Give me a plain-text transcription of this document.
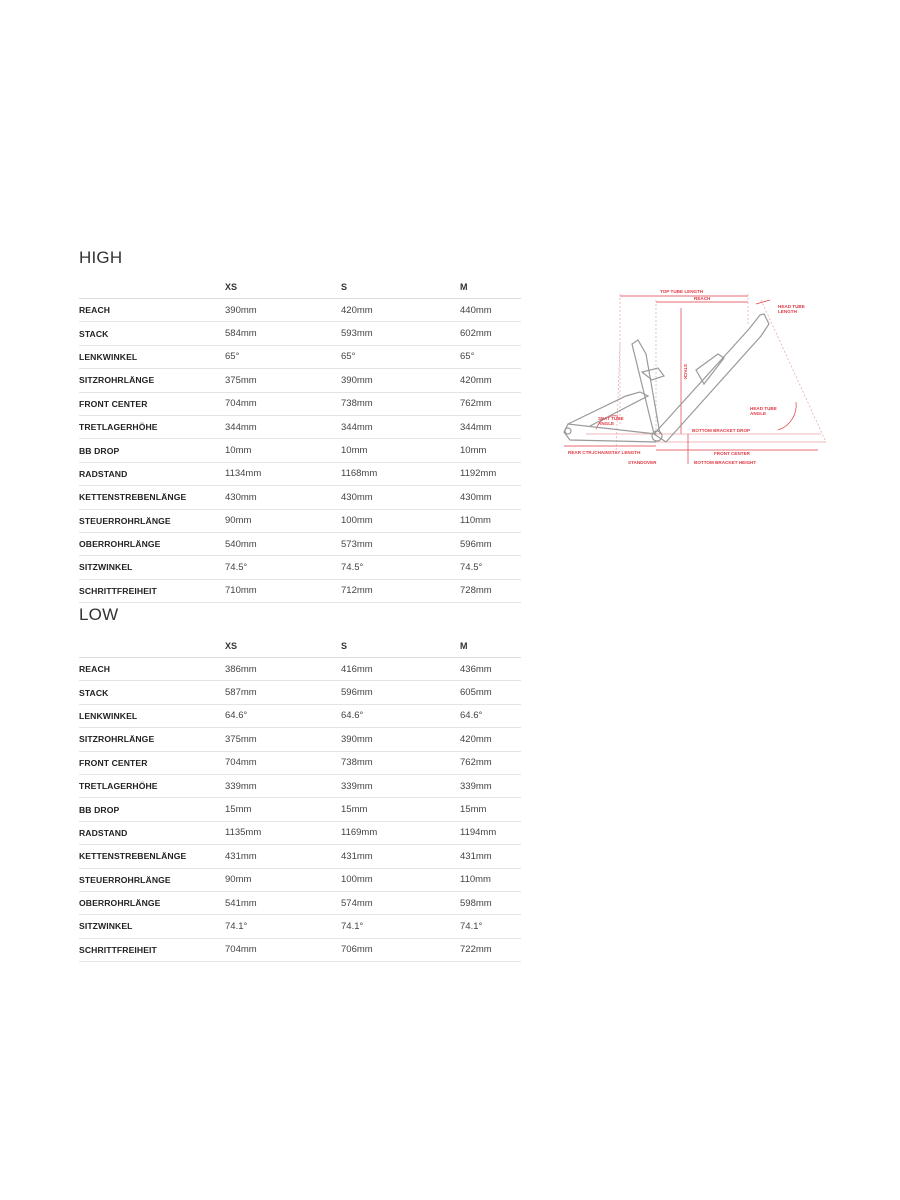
HIGH
	XS	S	M
REACH	390mm	420mm	440mm
STACK	584mm	593mm	602mm
LENKWINKEL	65°	65°	65°
SITZROHRLÄNGE	375mm	390mm	420mm
FRONT CENTER	704mm	738mm	762mm
TRETLAGERHÖHE	344mm	344mm	344mm
BB DROP	10mm	10mm	10mm
RADSTAND	1134mm	1168mm	1192mm
KETTENSTREBENLÄNGE	430mm	430mm	430mm
STEUERROHRLÄNGE	90mm	100mm	110mm
OBERROHRLÄNGE	540mm	573mm	596mm
SITZWINKEL	74.5°	74.5°	74.5°
SCHRITTFREIHEIT	710mm	712mm	728mm
LOW
	XS	S	M
REACH	386mm	416mm	436mm
STACK	587mm	596mm	605mm
LENKWINKEL	64.6°	64.6°	64.6°
SITZROHRLÄNGE	375mm	390mm	420mm
FRONT CENTER	704mm	738mm	762mm
TRETLAGERHÖHE	339mm	339mm	339mm
BB DROP	15mm	15mm	15mm
RADSTAND	1135mm	1169mm	1194mm
KETTENSTREBENLÄNGE	431mm	431mm	431mm
STEUERROHRLÄNGE	90mm	100mm	110mm
OBERROHRLÄNGE	541mm	574mm	598mm
SITZWINKEL	74.1°	74.1°	74.1°
SCHRITTFREIHEIT	704mm	706mm	722mm
TOP TUBE LENGTH
REACH
HEAD TUBE
LENGTH
STACK
HEAD TUBE
ANGLE
SEAT TUBE
ANGLE
BOTTOM BRACKET DROP
REAR CTR./CHAINSTAY LENGTH	FRONT CENTER
STANDOVER	BOTTOM BRACKET HEIGHT
